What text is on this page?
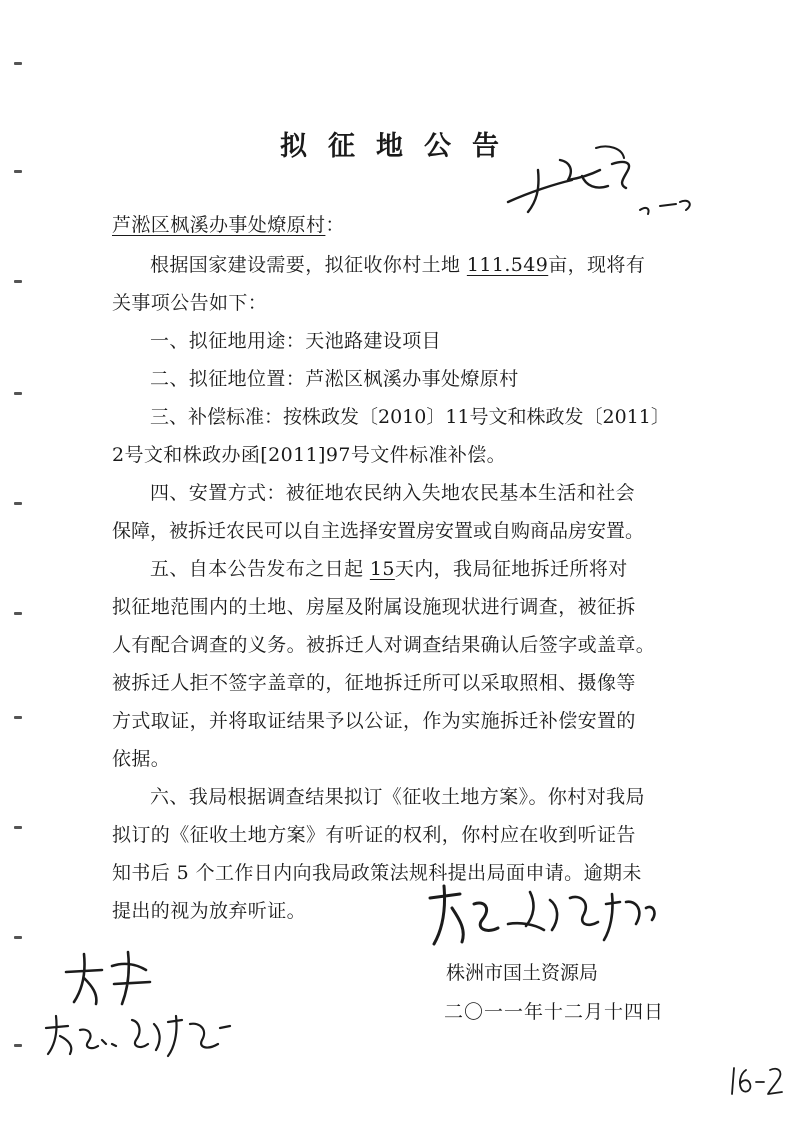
拟征地公告
芦淞区枫溪办事处燎原村：
根据国家建设需要，拟征收你村土地 111.549亩，现将有
关事项公告如下：
一、拟征地用途：天池路建设项目
二、拟征地位置：芦淞区枫溪办事处燎原村
三、补偿标准：按株政发〔2010〕11号文和株政发〔2011〕
2号文和株政办函[2011]97号文件标准补偿。
四、安置方式：被征地农民纳入失地农民基本生活和社会
保障，被拆迁农民可以自主选择安置房安置或自购商品房安置。
五、自本公告发布之日起 15天内，我局征地拆迁所将对
拟征地范围内的土地、房屋及附属设施现状进行调查，被征拆
人有配合调查的义务。被拆迁人对调查结果确认后签字或盖章。
被拆迁人拒不签字盖章的，征地拆迁所可以采取照相、摄像等
方式取证，并将取证结果予以公证，作为实施拆迁补偿安置的
依据。
六、我局根据调查结果拟订《征收土地方案》。你村对我局
拟订的《征收土地方案》有听证的权利，你村应在收到听证告
知书后 5 个工作日内向我局政策法规科提出局面申请。逾期未
提出的视为放弃听证。
株洲市国土资源局
二〇一一年十二月十四日
